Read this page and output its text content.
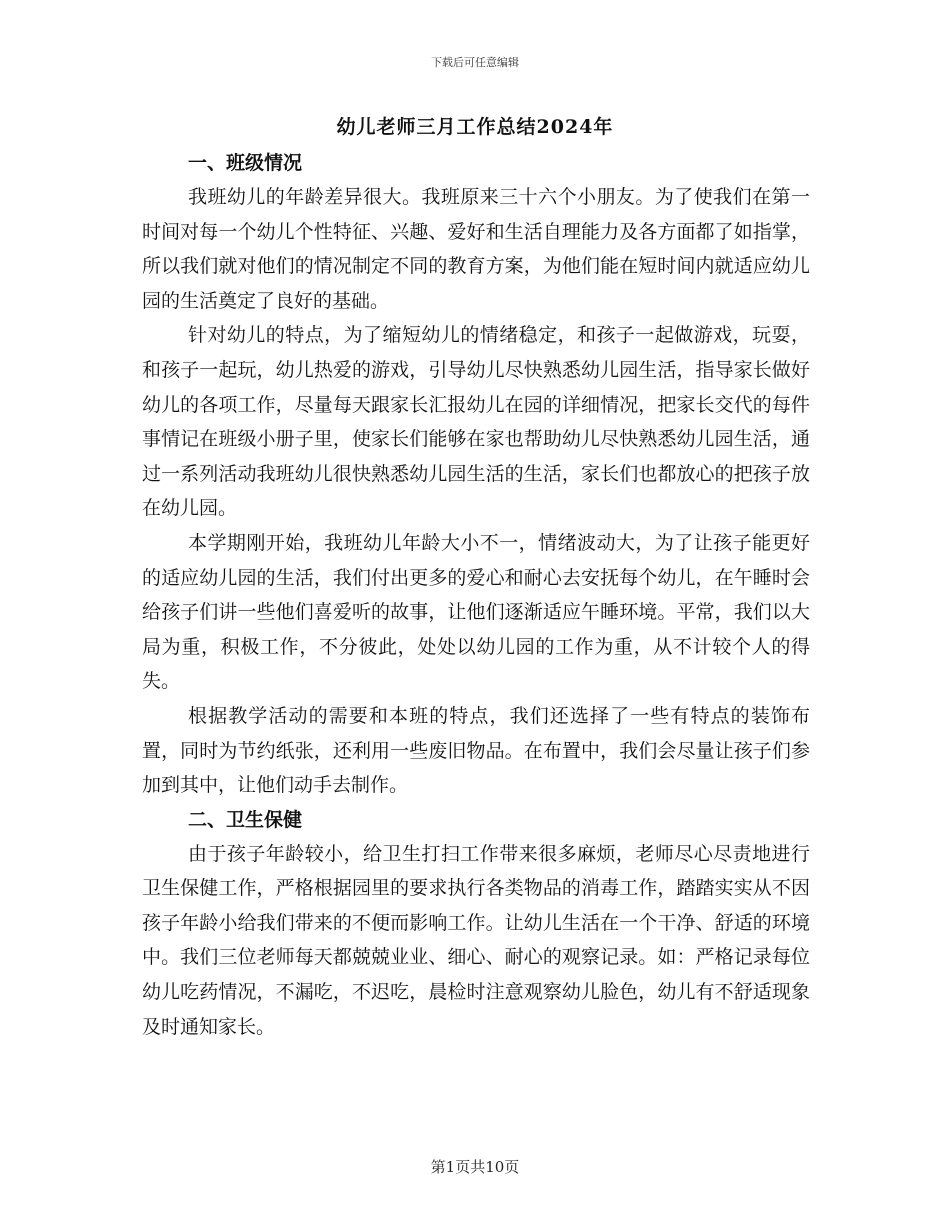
下载后可任意编辑
幼儿老师三月工作总结2024年
一、班级情况

我班幼儿的年龄差异很大。我班原来三十六个小朋友。为了使我们在第一时间对每一个幼儿个性特征、兴趣、爱好和生活自理能力及各方面都了如指掌，所以我们就对他们的情况制定不同的教育方案，为他们能在短时间内就适应幼儿园的生活奠定了良好的基础。

针对幼儿的特点，为了缩短幼儿的情绪稳定，和孩子一起做游戏，玩耍，和孩子一起玩，幼儿热爱的游戏，引导幼儿尽快熟悉幼儿园生活，指导家长做好幼儿的各项工作，尽量每天跟家长汇报幼儿在园的详细情况，把家长交代的每件事情记在班级小册子里，使家长们能够在家也帮助幼儿尽快熟悉幼儿园生活，通过一系列活动我班幼儿很快熟悉幼儿园生活的生活，家长们也都放心的把孩子放在幼儿园。

本学期刚开始，我班幼儿年龄大小不一，情绪波动大，为了让孩子能更好的适应幼儿园的生活，我们付出更多的爱心和耐心去安抚每个幼儿，在午睡时会给孩子们讲一些他们喜爱听的故事，让他们逐渐适应午睡环境。平常，我们以大局为重，积极工作，不分彼此，处处以幼儿园的工作为重，从不计较个人的得失。

根据教学活动的需要和本班的特点，我们还选择了一些有特点的装饰布置，同时为节约纸张，还利用一些废旧物品。在布置中，我们会尽量让孩子们参加到其中，让他们动手去制作。

二、卫生保健

由于孩子年龄较小，给卫生打扫工作带来很多麻烦，老师尽心尽责地进行卫生保健工作，严格根据园里的要求执行各类物品的消毒工作，踏踏实实从不因孩子年龄小给我们带来的不便而影响工作。让幼儿生活在一个干净、舒适的环境中。我们三位老师每天都兢兢业业、细心、耐心的观察记录。如：严格记录每位幼儿吃药情况，不漏吃，不迟吃，晨检时注意观察幼儿脸色，幼儿有不舒适现象及时通知家长。

第1页共10页
